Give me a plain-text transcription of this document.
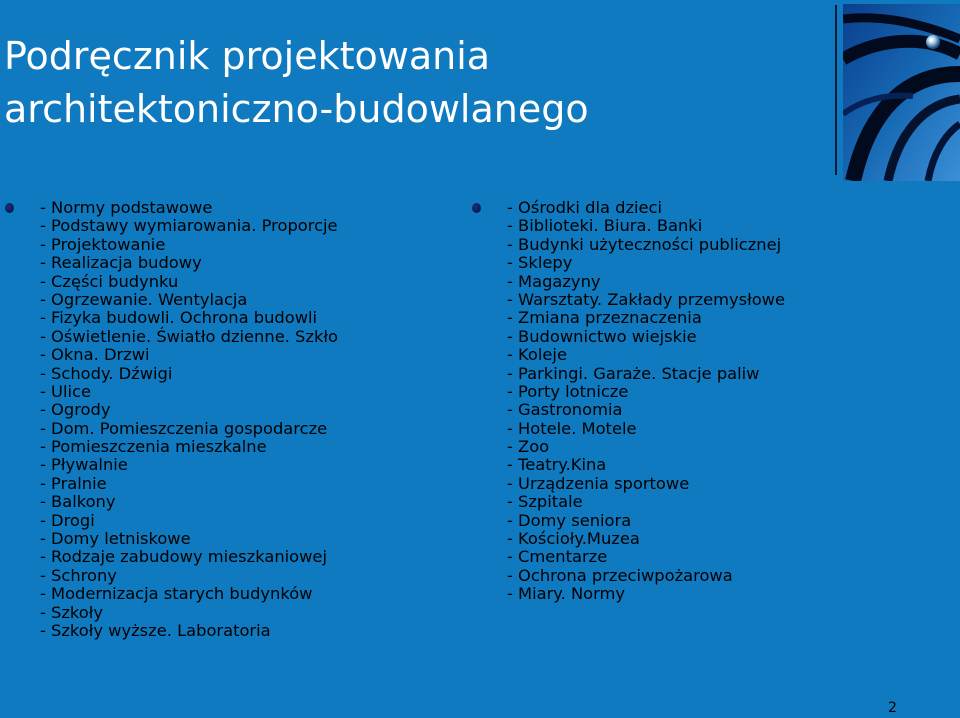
Podręcznik projektowania
architektoniczno-budowlanego
- Normy podstawowe
- Podstawy wymiarowania. Proporcje
- Projektowanie
- Realizacja budowy
- Części budynku
- Ogrzewanie. Wentylacja
- Fizyka budowli. Ochrona budowli
- Oświetlenie. Światło dzienne. Szkło
- Okna. Drzwi
- Schody. Dźwigi
- Ulice
- Ogrody
- Dom. Pomieszczenia gospodarcze
- Pomieszczenia mieszkalne
- Pływalnie
- Pralnie
- Balkony
- Drogi
- Domy letniskowe
- Rodzaje zabudowy mieszkaniowej
- Schrony
- Modernizacja starych budynków
- Szkoły
- Szkoły wyższe. Laboratoria
- Ośrodki dla dzieci
- Biblioteki. Biura. Banki
- Budynki użyteczności publicznej
- Sklepy
- Magazyny
- Warsztaty. Zakłady przemysłowe
- Zmiana przeznaczenia
- Budownictwo wiejskie
- Koleje
- Parkingi. Garaże. Stacje paliw
- Porty lotnicze
- Gastronomia
- Hotele. Motele
- Zoo
- Teatry.Kina
- Urządzenia sportowe
- Szpitale
- Domy seniora
- Kościoły.Muzea
- Cmentarze
- Ochrona przeciwpożarowa
- Miary. Normy
2
